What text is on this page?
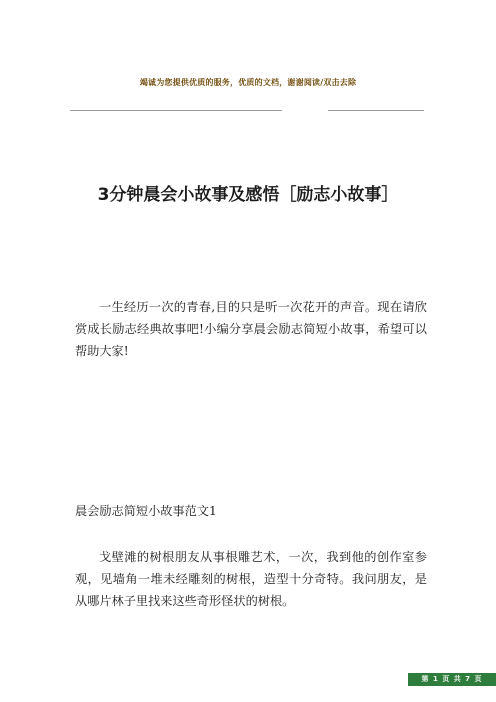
竭诚为您提供优质的服务，优质的文档，谢谢阅读/双击去除
3分钟晨会小故事及感悟［励志小故事］

一生经历一次的青春,目的只是听一次花开的声音。现在请欣赏成长励志经典故事吧!小编分享晨会励志简短小故事，希望可以帮助大家!

晨会励志简短小故事范文1

戈壁滩的树根朋友从事根雕艺术，一次，我到他的创作室参观，见墙角一堆未经雕刻的树根，造型十分奇特。我问朋友，是从哪片林子里找来这些奇形怪状的树根。

第 1 页 共 7 页
